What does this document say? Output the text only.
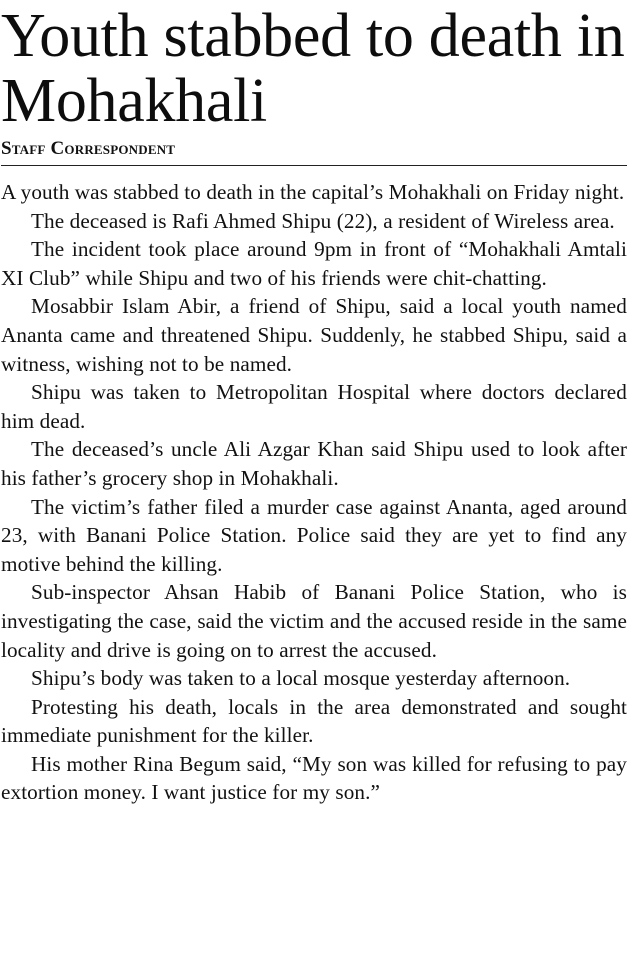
Youth stabbed to death in Mohakhali
Staff Correspondent

A youth was stabbed to death in the capital’s Mohakhali on Friday night.

The deceased is Rafi Ahmed Shipu (22), a resident of Wireless area.

The incident took place around 9pm in front of “Mohakhali Amtali XI Club” while Shipu and two of his friends were chit-chatting.

Mosabbir Islam Abir, a friend of Shipu, said a local youth named Ananta came and threatened Shipu. Suddenly, he stabbed Shipu, said a witness, wishing not to be named.

Shipu was taken to Metropolitan Hospital where doctors declared him dead.

The deceased’s uncle Ali Azgar Khan said Shipu used to look after his father’s grocery shop in Mohakhali.

The victim’s father filed a murder case against Ananta, aged around 23, with Banani Police Station. Police said they are yet to find any motive behind the killing.

Sub-inspector Ahsan Habib of Banani Police Station, who is investigating the case, said the victim and the accused reside in the same locality and drive is going on to arrest the accused.

Shipu’s body was taken to a local mosque yesterday afternoon.

Protesting his death, locals in the area demonstrated and sought immediate punishment for the killer.

His mother Rina Begum said, “My son was killed for refusing to pay extortion money. I want justice for my son.”
